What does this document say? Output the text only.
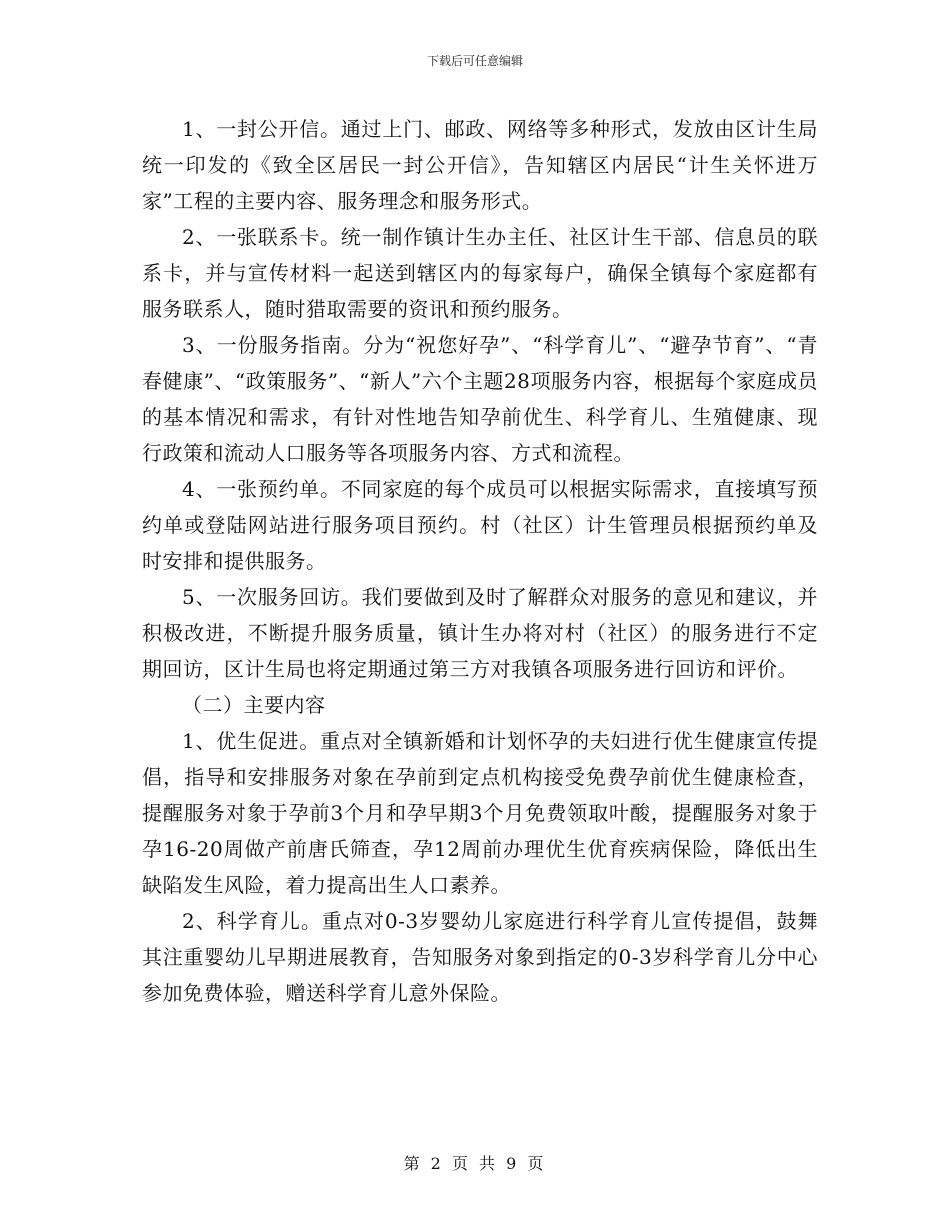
下载后可任意编辑

1、一封公开信。通过上门、邮政、网络等多种形式，发放由区计生局统一印发的《致全区居民一封公开信》，告知辖区内居民“计生关怀进万家”工程的主要内容、服务理念和服务形式。

2、一张联系卡。统一制作镇计生办主任、社区计生干部、信息员的联系卡，并与宣传材料一起送到辖区内的每家每户，确保全镇每个家庭都有服务联系人，随时猎取需要的资讯和预约服务。

3、一份服务指南。分为“祝您好孕”、“科学育儿”、“避孕节育”、“青春健康”、“政策服务”、“新人”六个主题28项服务内容，根据每个家庭成员的基本情况和需求，有针对性地告知孕前优生、科学育儿、生殖健康、现行政策和流动人口服务等各项服务内容、方式和流程。

4、一张预约单。不同家庭的每个成员可以根据实际需求，直接填写预约单或登陆网站进行服务项目预约。村（社区）计生管理员根据预约单及时安排和提供服务。

5、一次服务回访。我们要做到及时了解群众对服务的意见和建议，并积极改进，不断提升服务质量，镇计生办将对村（社区）的服务进行不定期回访，区计生局也将定期通过第三方对我镇各项服务进行回访和评价。

（二）主要内容

1、优生促进。重点对全镇新婚和计划怀孕的夫妇进行优生健康宣传提倡，指导和安排服务对象在孕前到定点机构接受免费孕前优生健康检查，提醒服务对象于孕前3个月和孕早期3个月免费领取叶酸，提醒服务对象于孕16-20周做产前唐氏筛查，孕12周前办理优生优育疾病保险，降低出生缺陷发生风险，着力提高出生人口素养。

2、科学育儿。重点对0-3岁婴幼儿家庭进行科学育儿宣传提倡，鼓舞其注重婴幼儿早期进展教育，告知服务对象到指定的0-3岁科学育儿分中心参加免费体验，赠送科学育儿意外保险。

第 2 页 共 9 页
